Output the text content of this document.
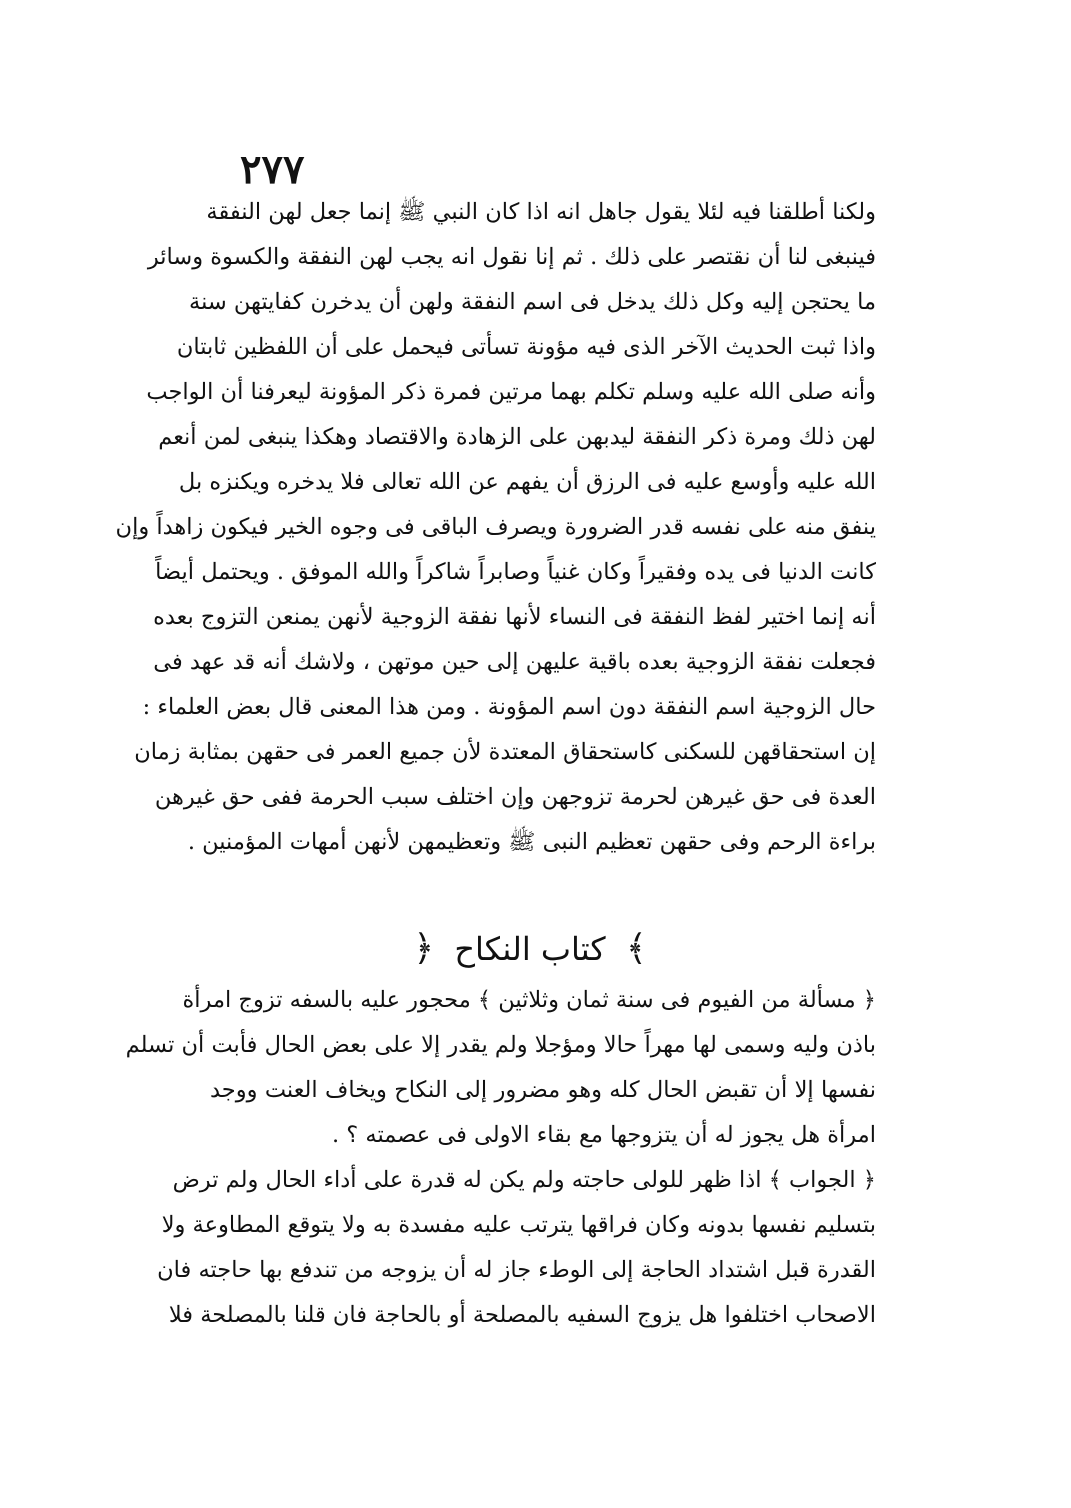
٢٧٧
ولكنا أطلقنا فيه لئلا يقول جاهل انه اذا كان النبي ﷺ إنما جعل لهن النفقة
فينبغى لنا أن نقتصر على ذلك . ثم إنا نقول انه يجب لهن النفقة والكسوة وسائر
ما يحتجن إليه وكل ذلك يدخل فى اسم النفقة ولهن أن يدخرن كفايتهن سنة
واذا ثبت الحديث الآخر الذى فيه مؤونة تسأتى فيحمل على أن اللفظين ثابتان
وأنه صلى الله عليه وسلم تكلم بهما مرتين فمرة ذكر المؤونة ليعرفنا أن الواجب
لهن ذلك ومرة ذكر النفقة ليدبهن على الزهادة والاقتصاد وهكذا ينبغى لمن أنعم
الله عليه وأوسع عليه فى الرزق أن يفهم عن الله تعالى فلا يدخره ويكنزه بل
ينفق منه على نفسه قدر الضرورة ويصرف الباقى فى وجوه الخير فيكون زاهداً وإن
كانت الدنيا فى يده وفقيراً وكان غنياً وصابراً شاكراً والله الموفق . ويحتمل أيضاً
أنه إنما اختير لفظ النفقة فى النساء لأنها نفقة الزوجية لأنهن يمنعن التزوج بعده
فجعلت نفقة الزوجية بعده باقية عليهن إلى حين موتهن ، ولاشك أنه قد عهد فى
حال الزوجية اسم النفقة دون اسم المؤونة . ومن هذا المعنى قال بعض العلماء :
إن استحقاقهن للسكنى كاستحقاق المعتدة لأن جميع العمر فى حقهن بمثابة زمان
العدة فى حق غيرهن لحرمة تزوجهن وإن اختلف سبب الحرمة ففى حق غيرهن
براءة الرحم وفى حقهن تعظيم النبى ﷺ وتعظيمهن لأنهن أمهات المؤمنين .
﴾ كتاب النكاح ﴿
﴿ مسألة من الفيوم فى سنة ثمان وثلاثين ﴾ محجور عليه بالسفه تزوج امرأة
باذن وليه وسمى لها مهراً حالا ومؤجلا ولم يقدر إلا على بعض الحال فأبت أن تسلم
نفسها إلا أن تقبض الحال كله وهو مضرور إلى النكاح ويخاف العنت ووجد
امرأة هل يجوز له أن يتزوجها مع بقاء الاولى فى عصمته ؟ .
﴿ الجواب ﴾ اذا ظهر للولى حاجته ولم يكن له قدرة على أداء الحال ولم ترض
بتسليم نفسها بدونه وكان فراقها يترتب عليه مفسدة به ولا يتوقع المطاوعة ولا
القدرة قبل اشتداد الحاجة إلى الوطء جاز له أن يزوجه من تندفع بها حاجته فان
الاصحاب اختلفوا هل يزوج السفيه بالمصلحة أو بالحاجة فان قلنا بالمصلحة فلا
